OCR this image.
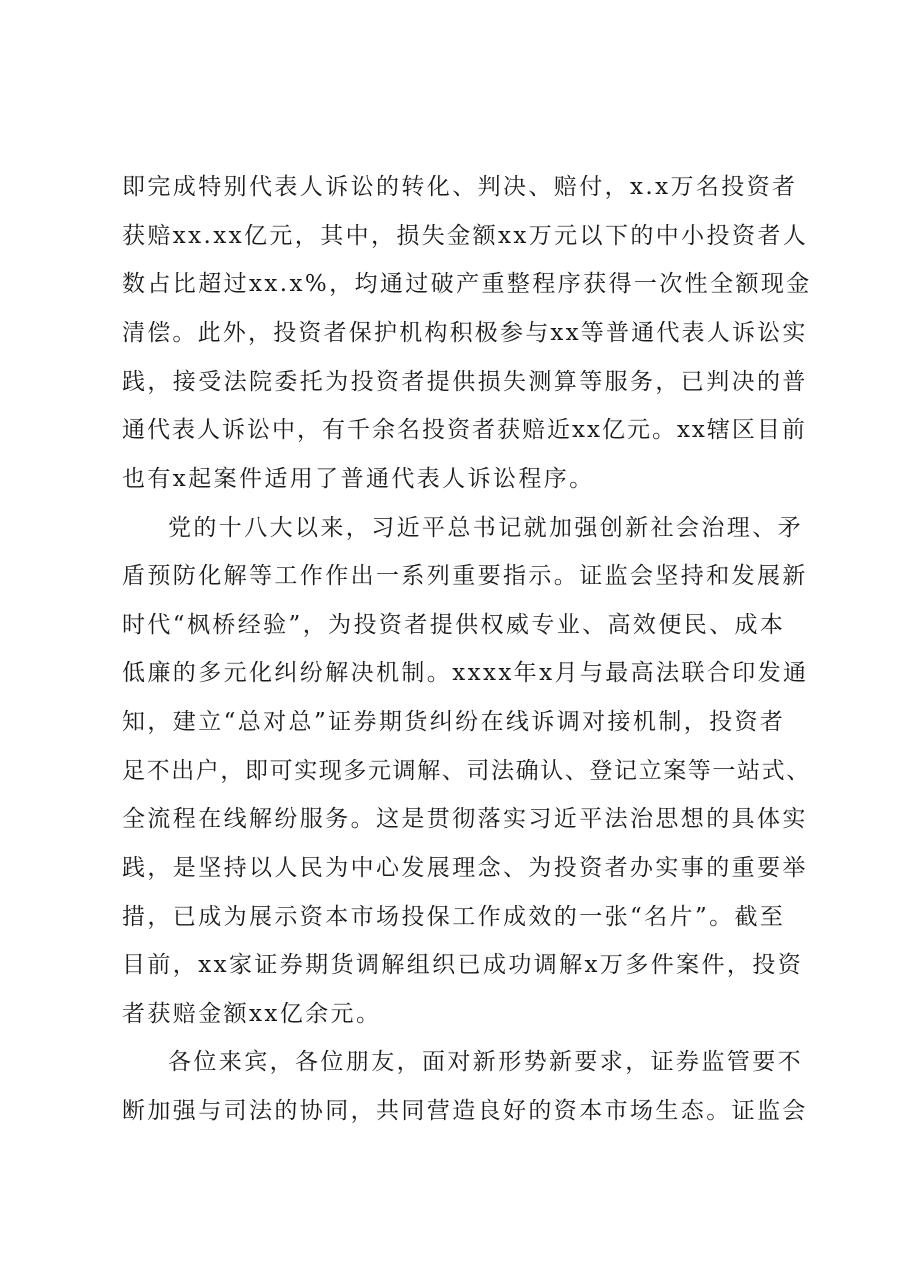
即完成特别代表人诉讼的转化、判决、赔付，x.x万名投资者
获赔xx.xx亿元，其中，损失金额xx万元以下的中小投资者人
数占比超过xx.x%，均通过破产重整程序获得一次性全额现金
清偿。此外，投资者保护机构积极参与xx等普通代表人诉讼实
践，接受法院委托为投资者提供损失测算等服务，已判决的普
通代表人诉讼中，有千余名投资者获赔近xx亿元。xx辖区目前
也有x起案件适用了普通代表人诉讼程序。
党的十八大以来，习近平总书记就加强创新社会治理、矛
盾预防化解等工作作出一系列重要指示。证监会坚持和发展新
时代“枫桥经验”，为投资者提供权威专业、高效便民、成本
低廉的多元化纠纷解决机制。xxxx年x月与最高法联合印发通
知，建立“总对总”证券期货纠纷在线诉调对接机制，投资者
足不出户，即可实现多元调解、司法确认、登记立案等一站式、
全流程在线解纷服务。这是贯彻落实习近平法治思想的具体实
践，是坚持以人民为中心发展理念、为投资者办实事的重要举
措，已成为展示资本市场投保工作成效的一张“名片”。截至
目前，xx家证券期货调解组织已成功调解x万多件案件，投资
者获赔金额xx亿余元。
各位来宾，各位朋友，面对新形势新要求，证券监管要不
断加强与司法的协同，共同营造良好的资本市场生态。证监会
